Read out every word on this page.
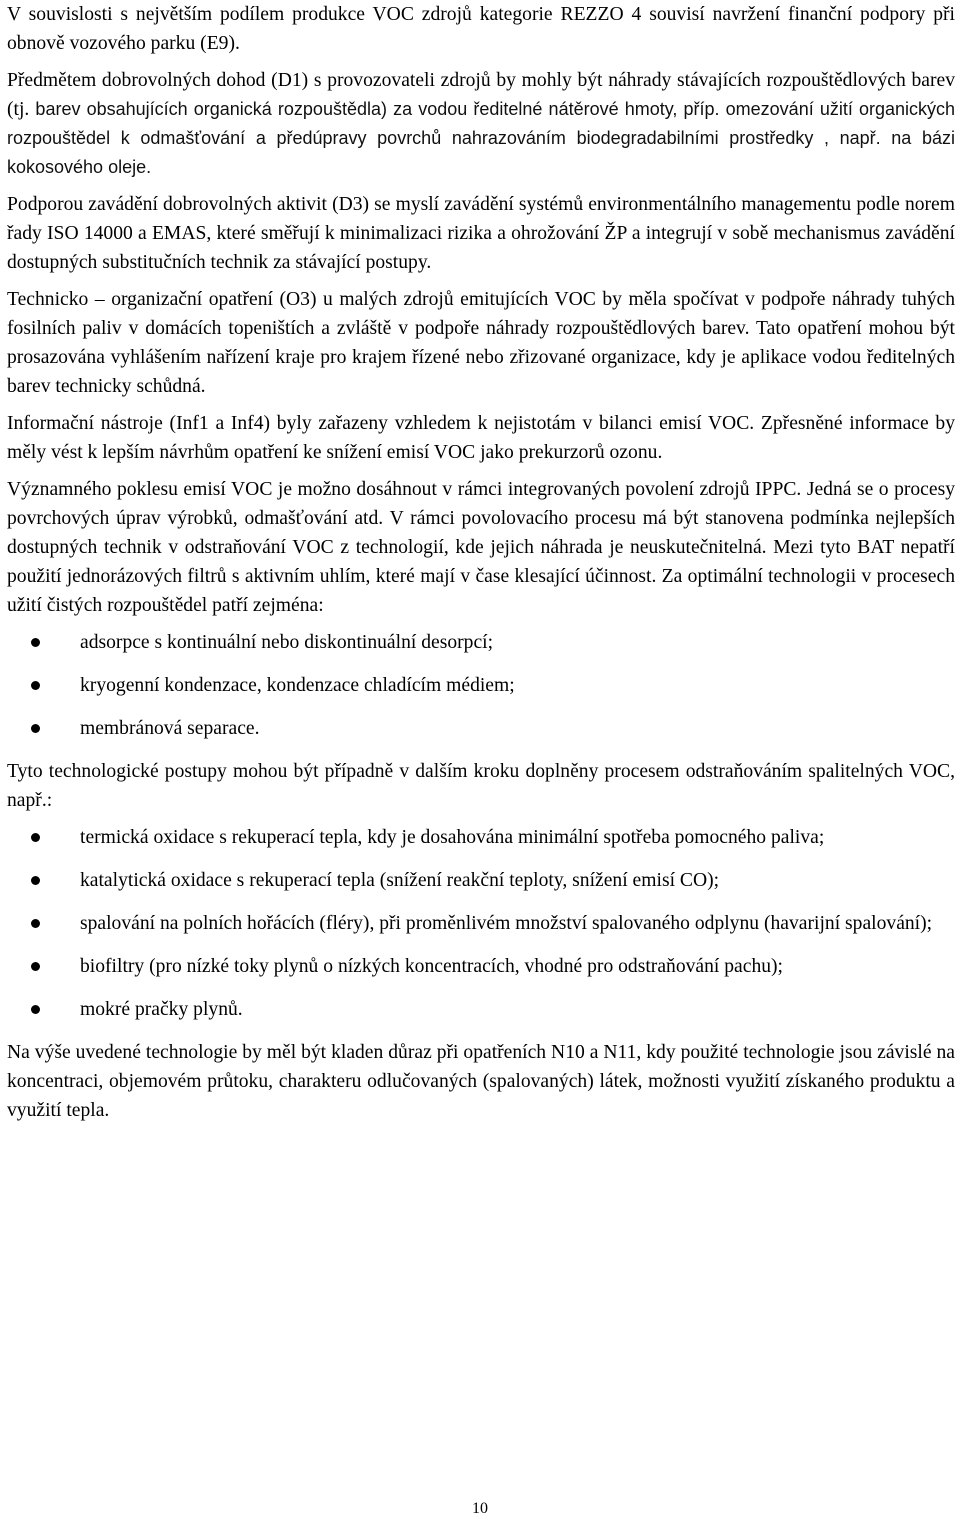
V souvislosti s největším podílem produkce VOC zdrojů kategorie REZZO 4 souvisí navržení finanční podpory při obnově vozového parku (E9).

Předmětem dobrovolných dohod (D1) s provozovateli zdrojů by mohly být náhrady stávajících rozpouštědlových barev (tj. barev obsahujících organická rozpouštědla) za vodou ředitelné nátěrové hmoty, příp. omezování užití organických rozpouštědel k odmašťování a předúpravy povrchů nahrazováním biodegradabilními prostředky , např. na bázi kokosového oleje.

Podporou zavádění dobrovolných aktivit (D3) se myslí zavádění systémů environmentálního managementu podle norem řady ISO 14000 a EMAS, které směřují k minimalizaci rizika a ohrožování ŽP a integrují v sobě mechanismus zavádění dostupných substitučních technik za stávající postupy.

Technicko – organizační opatření (O3) u malých zdrojů emitujících VOC by měla spočívat v podpoře náhrady tuhých fosilních paliv v domácích topeništích a zvláště v podpoře náhrady rozpouštědlových barev. Tato opatření mohou být prosazována vyhlášením nařízení kraje pro krajem řízené nebo zřizované organizace, kdy je aplikace vodou ředitelných barev technicky schůdná.

Informační nástroje (Inf1 a Inf4) byly zařazeny vzhledem k nejistotám v bilanci emisí VOC. Zpřesněné informace by měly vést k lepším návrhům opatření ke snížení emisí VOC jako prekurzorů ozonu.

Významného poklesu emisí VOC je možno dosáhnout v rámci integrovaných povolení zdrojů IPPC. Jedná se o procesy povrchových úprav výrobků, odmašťování atd. V rámci povolovacího procesu má být stanovena podmínka nejlepších dostupných technik v odstraňování VOC z technologií, kde jejich náhrada je neuskutečnitelná. Mezi tyto BAT nepatří použití jednorázových filtrů s aktivním uhlím, které mají v čase klesající účinnost. Za optimální technologii v procesech užití čistých rozpouštědel patří zejména:

adsorpce s kontinuální nebo diskontinuální desorpcí;
kryogenní kondenzace, kondenzace chladícím médiem;
membránová separace.

Tyto technologické postupy mohou být případně v dalším kroku doplněny procesem odstraňováním spalitelných VOC, např.:

termická oxidace s rekuperací tepla, kdy je dosahována minimální spotřeba pomocného paliva;
katalytická oxidace s rekuperací tepla (snížení reakční teploty, snížení emisí CO);
spalování na polních hořácích (fléry), při proměnlivém množství spalovaného odplynu (havarijní spalování);
biofiltry (pro nízké toky plynů o nízkých koncentracích, vhodné pro odstraňování pachu);
mokré pračky plynů.

Na výše uvedené technologie by měl být kladen důraz při opatřeních N10 a N11, kdy použité technologie jsou závislé na koncentraci, objemovém průtoku, charakteru odlučovaných (spalovaných) látek, možnosti využití získaného produktu a využití tepla.

10
